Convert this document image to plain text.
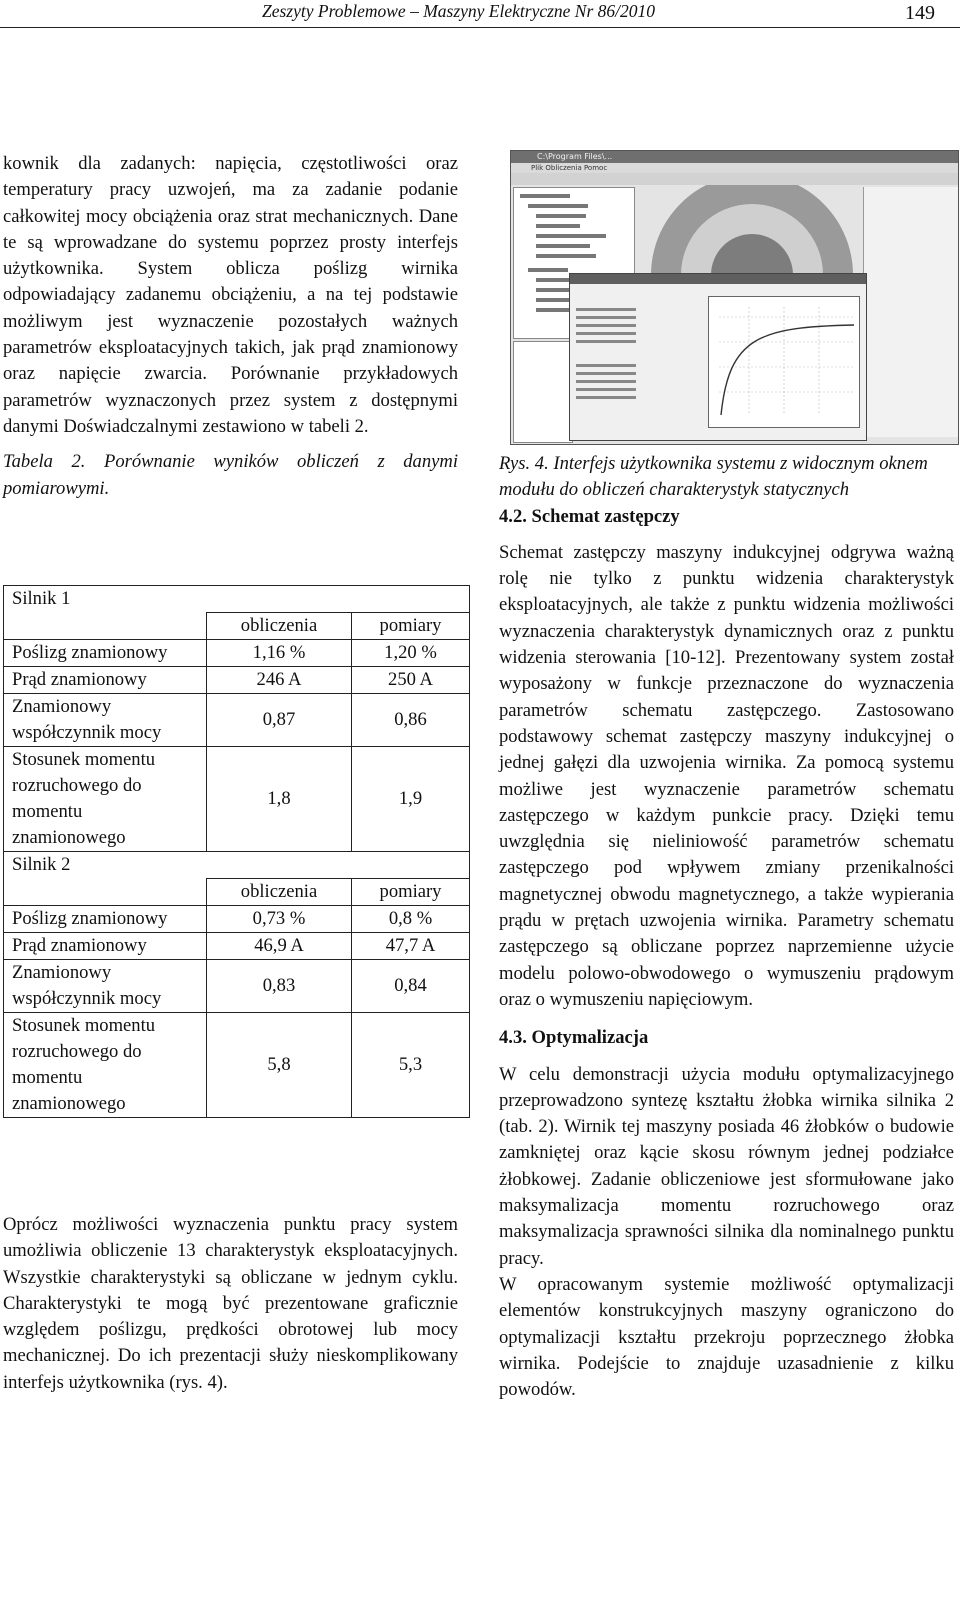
Zeszyty Problemowe – Maszyny Elektryczne Nr 86/2010	149

kownik dla zadanych: napięcia, częstotliwości oraz temperatury pracy uzwojeń, ma za zadanie podanie całkowitej mocy obciążenia oraz strat mechanicznych. Dane te są wprowadzane do systemu poprzez prosty interfejs użytkownika. System oblicza poślizg wirnika odpowiadający zadanemu obciążeniu, a na tej podstawie możliwym jest wyznaczenie pozostałych ważnych parametrów eksploatacyjnych takich, jak prąd znamionowy oraz napięcie zwarcia. Porównanie przykładowych parametrów wyznaczonych przez system z dostępnymi danymi Doświadczalnymi zestawiono w tabeli 2.

Tabela 2. Porównanie wyników obliczeń z danymi pomiarowymi.

Silnik 1		
	obliczenia	pomiary
Poślizg znamionowy	1,16 %	1,20 %
Prąd znamionowy	246 A	250 A
Znamionowy współczynnik mocy	0,87	0,86
Stosunek momentu rozruchowego do momentu znamionowego	1,8	1,9
Silnik 2		
	obliczenia	pomiary
Poślizg znamionowy	0,73 %	0,8 %
Prąd znamionowy	46,9 A	47,7 A
Znamionowy współczynnik mocy	0,83	0,84
Stosunek momentu rozruchowego do momentu znamionowego	5,8	5,3

Oprócz możliwości wyznaczenia punktu pracy system umożliwia obliczenie 13 charakterystyk eksploatacyjnych. Wszystkie charakterystyki są obliczane w jednym cyklu. Charakterystyki te mogą być prezentowane graficznie względem poślizgu, prędkości obrotowej lub mocy mechanicznej. Do ich prezentacji służy nieskomplikowany interfejs użytkownika (rys. 4).

C:\Program Files\...
Plik Obliczenia Pomoc

Rys. 4. Interfejs użytkownika systemu z widocznym oknem modułu do obliczeń charakterystyk statycznych

4.2. Schemat zastępczy

Schemat zastępczy maszyny indukcyjnej odgrywa ważną rolę nie tylko z punktu widzenia charakterystyk eksploatacyjnych, ale także z punktu widzenia możliwości wyznaczenia charakterystyk dynamicznych oraz z punktu widzenia sterowania [10-12]. Prezentowany system został wyposażony w funkcje przeznaczone do wyznaczenia parametrów schematu zastępczego. Zastosowano podstawowy schemat zastępczy maszyny indukcyjnej o jednej gałęzi dla uzwojenia wirnika. Za pomocą systemu możliwe jest wyznaczenie parametrów schematu zastępczego w każdym punkcie pracy. Dzięki temu uwzględnia się nieliniowość parametrów schematu zastępczego pod wpływem zmiany przenikalności magnetycznej obwodu magnetycznego, a także wypierania prądu w prętach uzwojenia wirnika. Parametry schematu zastępczego są obliczane poprzez naprzemienne użycie modelu polowo-obwodowego o wymuszeniu prądowym oraz o wymuszeniu napięciowym.

4.3. Optymalizacja

W celu demonstracji użycia modułu optymalizacyjnego przeprowadzono syntezę kształtu żłobka wirnika silnika 2 (tab. 2). Wirnik tej maszyny posiada 46 żłobków o budowie zamkniętej oraz kącie skosu równym jednej podziałce żłobkowej. Zadanie obliczeniowe jest sformułowane jako maksymalizacja momentu rozruchowego oraz maksymalizacja sprawności silnika dla nominalnego punktu pracy.

W opracowanym systemie możliwość optymalizacji elementów konstrukcyjnych maszyny ograniczono do optymalizacji kształtu przekroju poprzecznego żłobka wirnika. Podejście to znajduje uzasadnienie z kilku powodów.
